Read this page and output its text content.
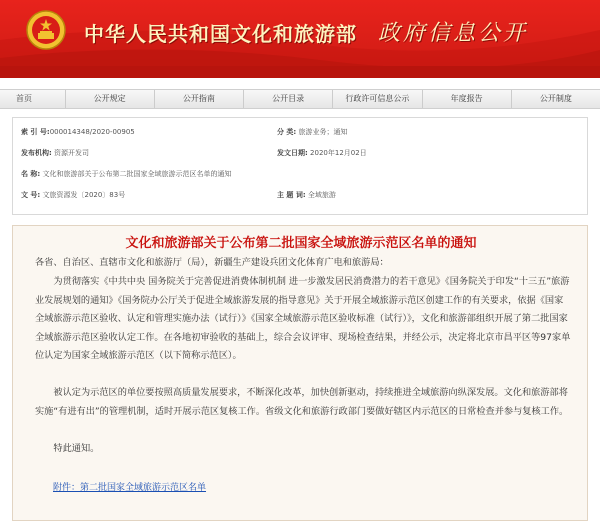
中华人民共和国文化和旅游部 政府信息公开
首页	公开规定	公开指南	公开目录	行政许可信息公示	年度报告	公开制度
索 引 号:000014348/2020-00905	分 类: 旅游业务；通知
发布机构: 资源开发司	发文日期: 2020年12月02日
名 称: 文化和旅游部关于公布第二批国家全域旅游示范区名单的通知
文 号: 文旅资源发〔2020〕83号	主 题 词: 全域旅游
文化和旅游部关于公布第二批国家全域旅游示范区名单的通知
各省、自治区、直辖市文化和旅游厅（局），新疆生产建设兵团文化体育广电和旅游局：
为贯彻落实《中共中央 国务院关于完善促进消费体制机制 进一步激发居民消费潜力的若干意见》《国务院关于印发“十三五”旅游业发展规划的通知》《国务院办公厅关于促进全域旅游发展的指导意见》关于开展全域旅游示范区创建工作的有关要求，依据《国家全域旅游示范区验收、认定和管理实施办法（试行）》《国家全域旅游示范区验收标准（试行）》，文化和旅游部组织开展了第二批国家全域旅游示范区验收认定工作。在各地初审验收的基础上，综合会议评审、现场检查结果，并经公示，决定将北京市昌平区等97家单位认定为国家全域旅游示范区（以下简称示范区）。
被认定为示范区的单位要按照高质量发展要求，不断深化改革，加快创新驱动，持续推进全域旅游向纵深发展。文化和旅游部将实施“有进有出”的管理机制，适时开展示范区复核工作。省级文化和旅游行政部门要做好辖区内示范区的日常检查并参与复核工作。
特此通知。
附件：第二批国家全域旅游示范区名单
